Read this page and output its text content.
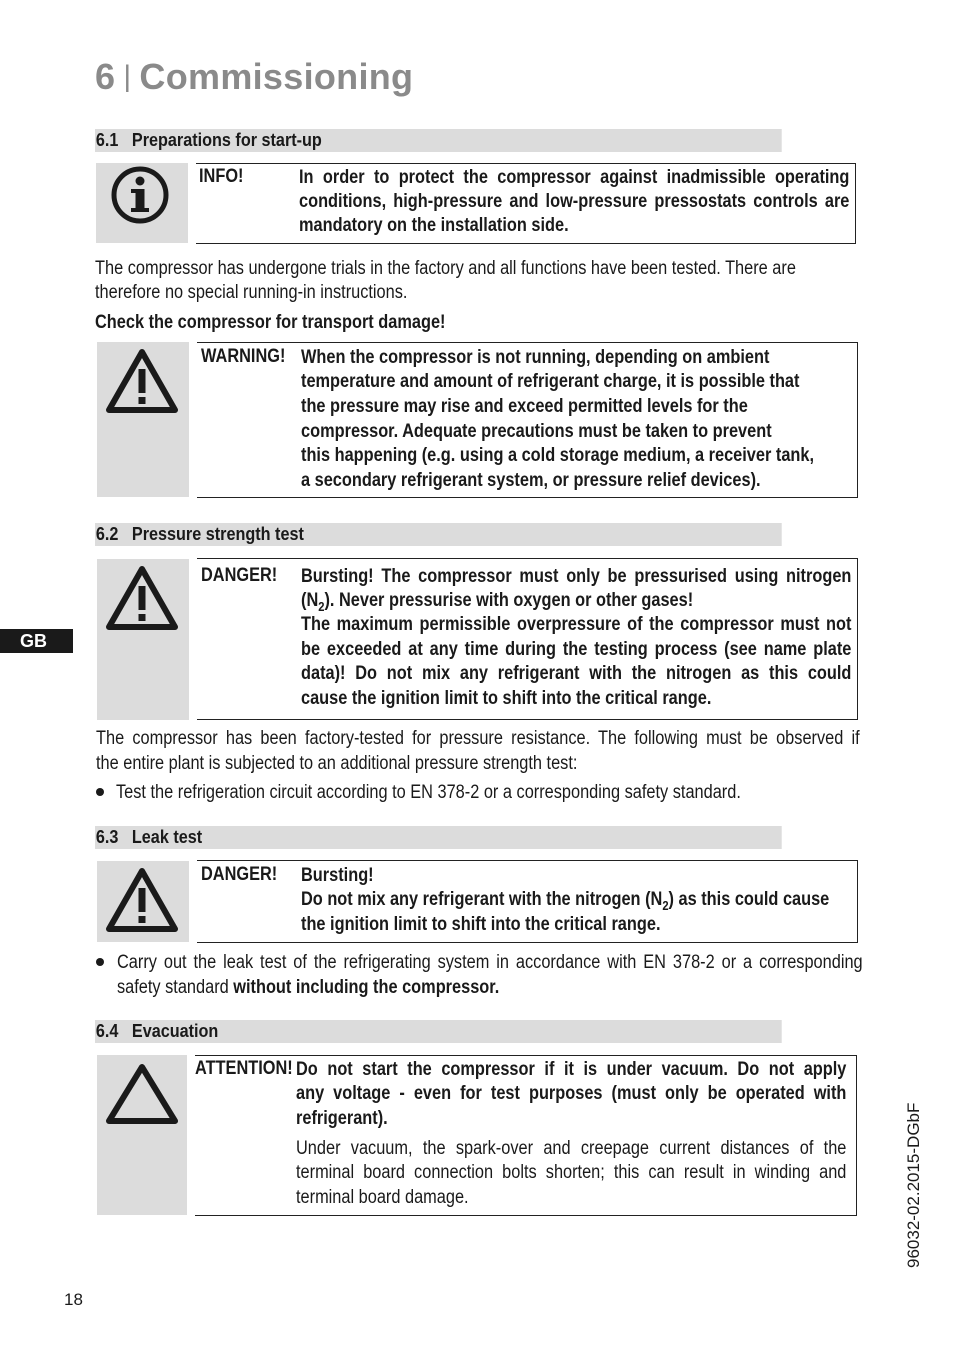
6 | Commissioning
6.1 Preparations for start-up
INFO!	In order to protect the compressor against inadmissible operating
conditions, high-pressure and low-pressure pressostats controls are
mandatory on the installation side.
The compressor has undergone trials in the factory and all functions have been tested. There are
therefore no special running-in instructions.
Check the compressor for transport damage!
WARNING! When the compressor is not running, depending on ambient
temperature and amount of refrigerant charge, it is possible that
the pressure may rise and exceed permitted levels for the
compressor. Adequate precautions must be taken to prevent
this happening (e.g. using a cold storage medium, a receiver tank,
a secondary refrigerant system, or pressure relief devices).
6.2 Pressure strength test
DANGER! Bursting! The compressor must only be pressurised using nitrogen
$(N_2)$. Never pressurise with oxygen or other gases!
The maximum permissible overpressure of the compressor must not
be exceeded at any time during the testing process (see name plate
data)! Do not mix any refrigerant with the nitrogen as this could
cause the ignition limit to shift into the critical range.
The compressor has been factory-tested for pressure resistance. The following must be observed if
the entire plant is subjected to an additional pressure strength test:
Test the refrigeration circuit according to EN 378-2 or a corresponding safety standard.
6.3 Leak test
DANGER! Bursting!
Do not mix any refrigerant with the nitrogen $(N_2)$ as this could cause
the ignition limit to shift into the critical range.
Carry out the leak test of the refrigerating system in accordance with EN 378-2 or a corresponding
safety standard without including the compressor.
6.4 Evacuation
ATTENTION! Do not start the compressor if it is under vacuum. Do not apply
any voltage - even for test purposes (must only be operated with
refrigerant).
Under vacuum, the spark-over and creepage current distances of the
terminal board connection bolts shorten; this can result in winding and
terminal board damage.
GB
96032-02.2015-DGbF
18
